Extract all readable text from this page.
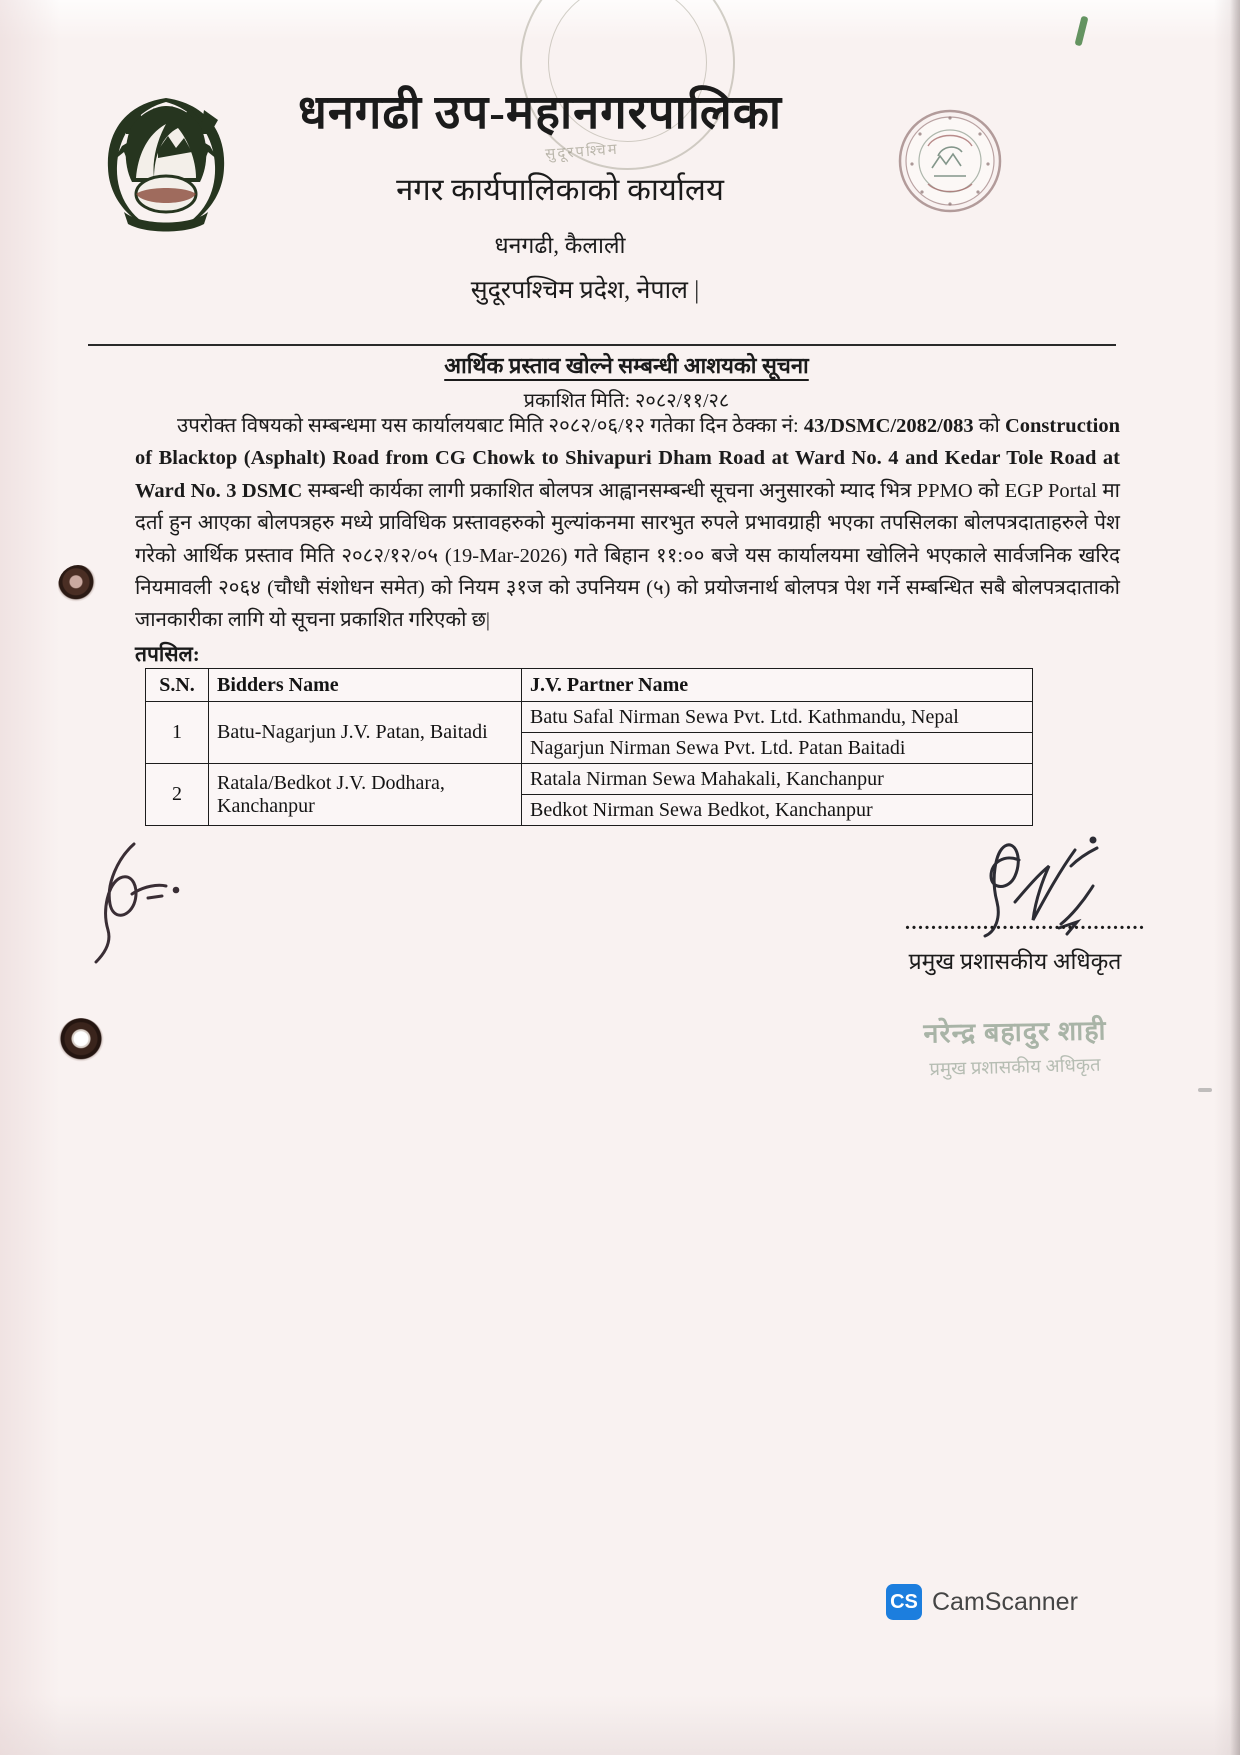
सुदूरपश्चिम
धनगढी उप-महानगरपालिका
नगर कार्यपालिकाको कार्यालय
धनगढी, कैलाली
सुदूरपश्चिम प्रदेश, नेपाल |
आर्थिक प्रस्ताव खोल्ने सम्बन्धी आशयको सूचना
प्रकाशित मिति: २०८२/११/२८
उपरोक्त विषयको सम्बन्धमा यस कार्यालयबाट मिति २०८२/०६/१२ गतेका दिन ठेक्का नं: 43/DSMC/2082/083 को Construction of Blacktop (Asphalt) Road from CG Chowk to Shivapuri Dham Road at Ward No. 4 and Kedar Tole Road at Ward No. 3 DSMC सम्बन्धी कार्यका लागी प्रकाशित बोलपत्र आह्वानसम्बन्धी सूचना अनुसारको म्याद भित्र PPMO को EGP Portal मा दर्ता हुन आएका बोलपत्रहरु मध्ये प्राविधिक प्रस्तावहरुको मुल्यांकनमा सारभुत रुपले प्रभावग्राही भएका तपसिलका बोलपत्रदाताहरुले पेश गरेको आर्थिक प्रस्ताव मिति २०८२/१२/०५ (19-Mar-2026) गते बिहान ११:०० बजे यस कार्यालयमा खोलिने भएकाले सार्वजनिक खरिद नियमावली २०६४ (चौधौ संशोधन समेत) को नियम ३१ज को उपनियम (५) को प्रयोजनार्थ बोलपत्र पेश गर्ने सम्बन्धित सबै बोलपत्रदाताको जानकारीका लागि यो सूचना प्रकाशित गरिएको छ|
तपसिल:
S.N.	Bidders Name	J.V. Partner Name
1	Batu-Nagarjun J.V. Patan, Baitadi	Batu Safal Nirman Sewa Pvt. Ltd. Kathmandu, Nepal
		Nagarjun Nirman Sewa Pvt. Ltd. Patan Baitadi
2	Ratala/Bedkot J.V. Dodhara, Kanchanpur	Ratala Nirman Sewa Mahakali, Kanchanpur
		Bedkot Nirman Sewa Bedkot, Kanchanpur
.....................................
प्रमुख प्रशासकीय अधिकृत
नरेन्द्र बहादुर शाही
प्रमुख प्रशासकीय अधिकृत
CS CamScanner
